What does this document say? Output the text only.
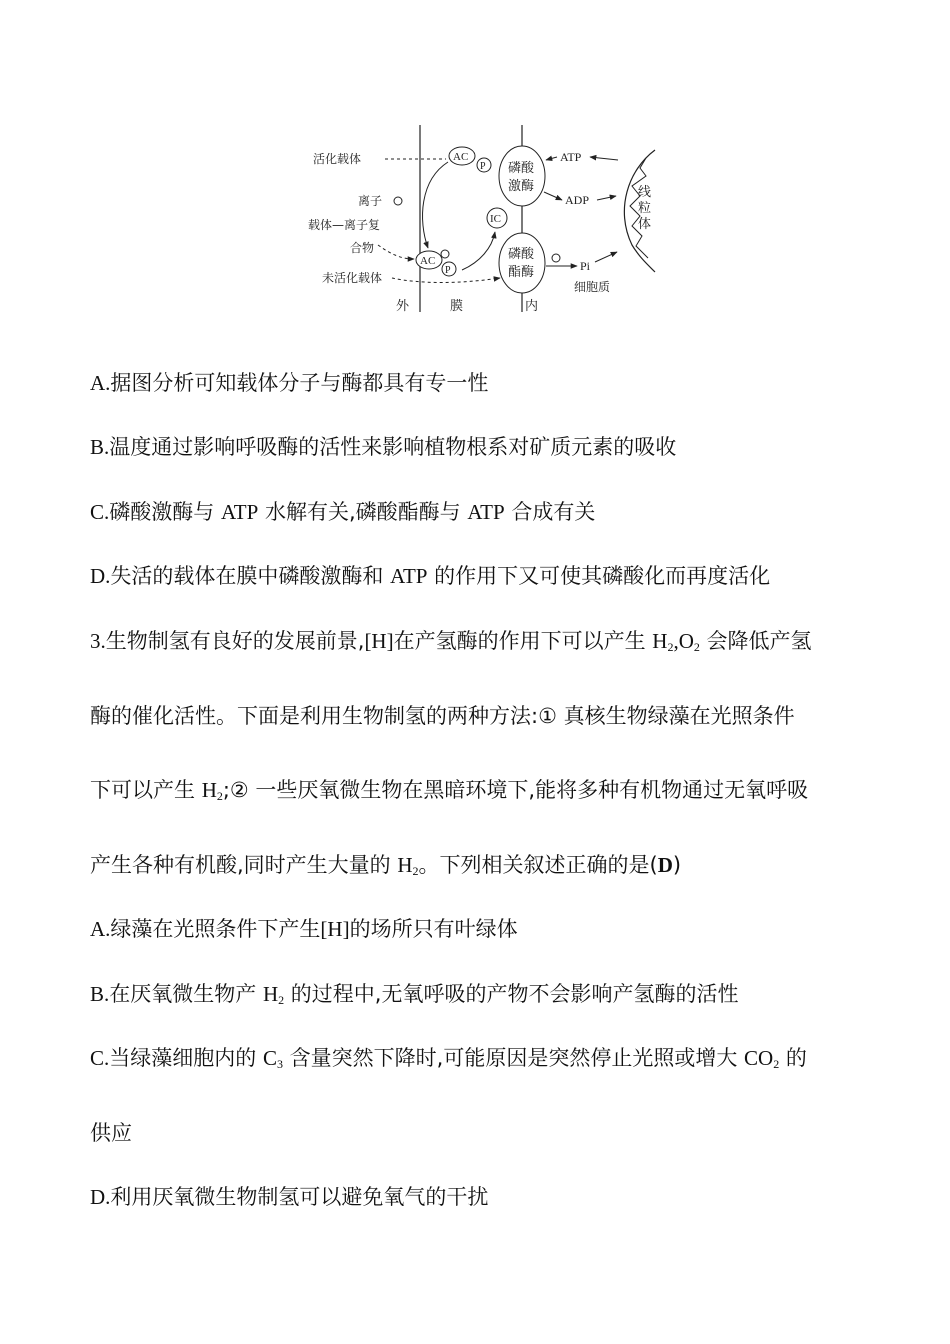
活化载体	AC
P
离子
载体—离子复
合物
AC
P
未活化载体
IC
磷酸
激酶
磷酸
酯酶
ATP
ADP
Pi
细胞质
线
粒
体
外	膜	内
A.据图分析可知载体分子与酶都具有专一性
B.温度通过影响呼吸酶的活性来影响植物根系对矿质元素的吸收
C.磷酸激酶与 ATP 水解有关,磷酸酯酶与 ATP 合成有关
D.失活的载体在膜中磷酸激酶和 ATP 的作用下又可使其磷酸化而再度活化
3.生物制氢有良好的发展前景,[H]在产氢酶的作用下可以产生 $H_2,O_2$ 会降低产氢
酶的催化活性。下面是利用生物制氢的两种方法:① 真核生物绿藻在光照条件
下可以产生 $H_2;②$ 一些厌氧微生物在黑暗环境下,能将多种有机物通过无氧呼吸
产生各种有机酸,同时产生大量的 $H_2$。下列相关叙述正确的是(D)
A.绿藻在光照条件下产生[H]的场所只有叶绿体
B.在厌氧微生物产 $H_2$ 的过程中,无氧呼吸的产物不会影响产氢酶的活性
C.当绿藻细胞内的 $C_3$ 含量突然下降时,可能原因是突然停止光照或增大 $CO_2$ 的
供应
D.利用厌氧微生物制氢可以避免氧气的干扰
